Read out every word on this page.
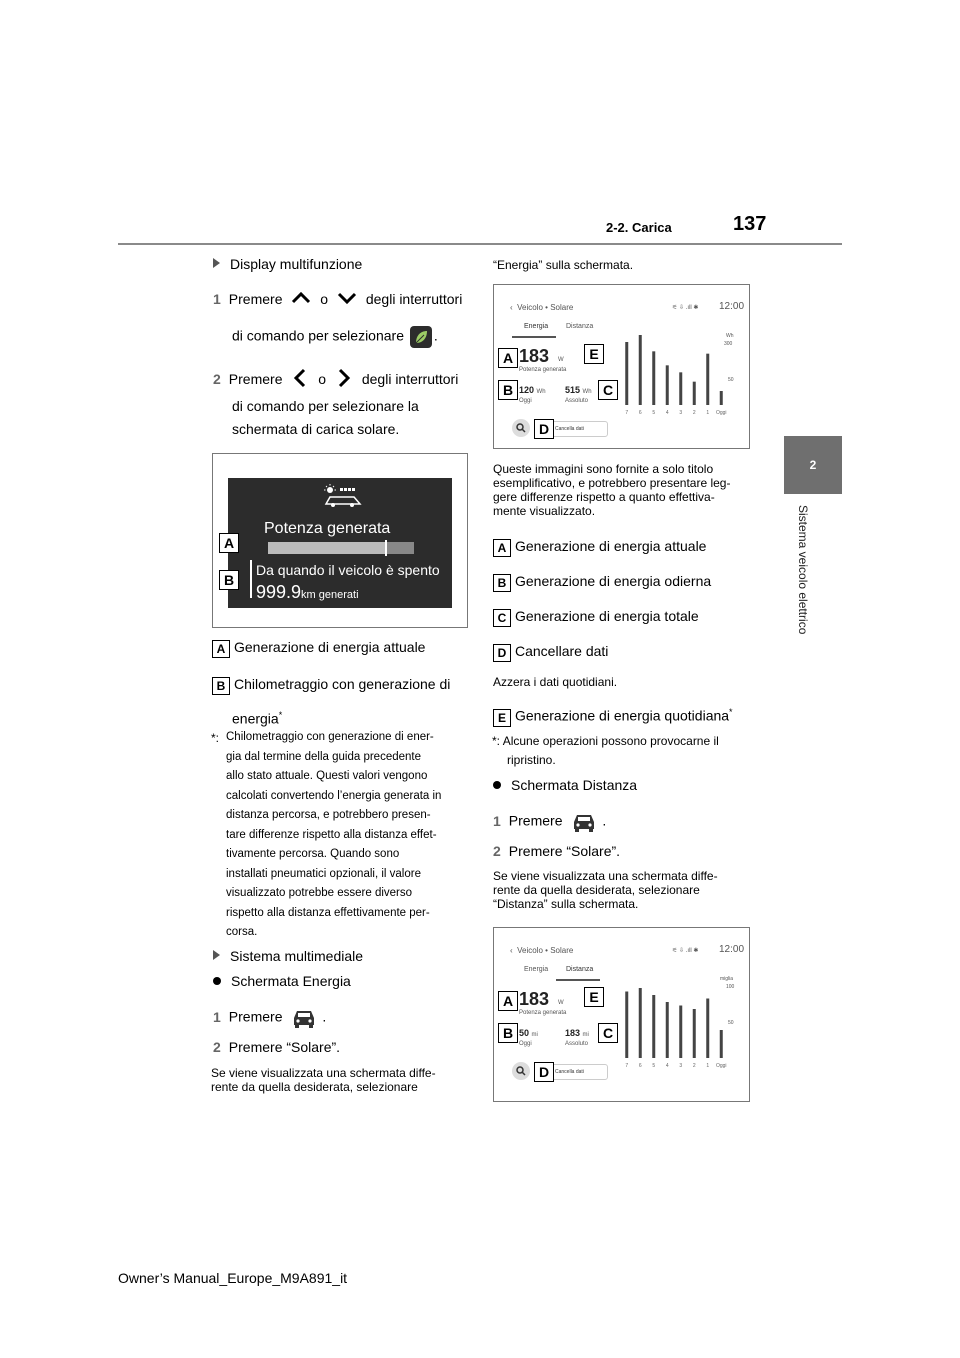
2-2. Carica	137
2
Sistema veicolo elettrico
Display multifunzione
1 Premere	o	degli interruttori
di comando per selezionare .
2 Premere	o	degli interruttori
di comando per selezionare la
schermata di carica solare.
Potenza generata
Da quando il veicolo è spento
999.9km generati
A
B
A Generazione di energia attuale
B Chilometraggio con generazione di
energia*
*: Chilometraggio con generazione di ener-
gia dal termine della guida precedente
allo stato attuale. Questi valori vengono
calcolati convertendo l’energia generata in
distanza percorsa, e potrebbero presen-
tare differenze rispetto alla distanza effet-
tivamente percorsa. Quando sono
installati pneumatici opzionali, il valore
visualizzato potrebbe essere diverso
rispetto alla distanza effettivamente per-
corsa.
Sistema multimediale
Schermata Energia
1 Premere	.
2 Premere “Solare”.
Se viene visualizzata una schermata diffe-
rente da quella desiderata, selezionare
“Energia” sulla schermata.
‹ Veicolo • Solare	⚟ ⇩ .ıll ✱ 12:00
Energia	Distanza
183 W
Potenza generata
120 Wh
Oggi
515 Wh
Assoluto
Cancella dati
Wh
300
50
7 6 5 4 3 2 1 Oggi
A	E
B	C
D
Queste immagini sono fornite a solo titolo
esemplificativo, e potrebbero presentare leg-
gere differenze rispetto a quanto effettiva-
mente visualizzato.
A Generazione di energia attuale
B Generazione di energia odierna
C Generazione di energia totale
D Cancellare dati
Azzera i dati quotidiani.
E Generazione di energia quotidiana*
*: Alcune operazioni possono provocarne il
ripristino.
Schermata Distanza
1 Premere	.
2 Premere “Solare”.
Se viene visualizzata una schermata diffe-
rente da quella desiderata, selezionare
“Distanza” sulla schermata.
‹ Veicolo • Solare	⚟ ⇩ .ıll ✱ 12:00
Energia	Distanza
183 W
Potenza generata
50 mi
Oggi
183 mi
Assoluto
Cancella dati
miglia
100
50
7 6 5 4 3 2 1 Oggi
A	E
B	C
D
Owner’s Manual_Europe_M9A891_it
